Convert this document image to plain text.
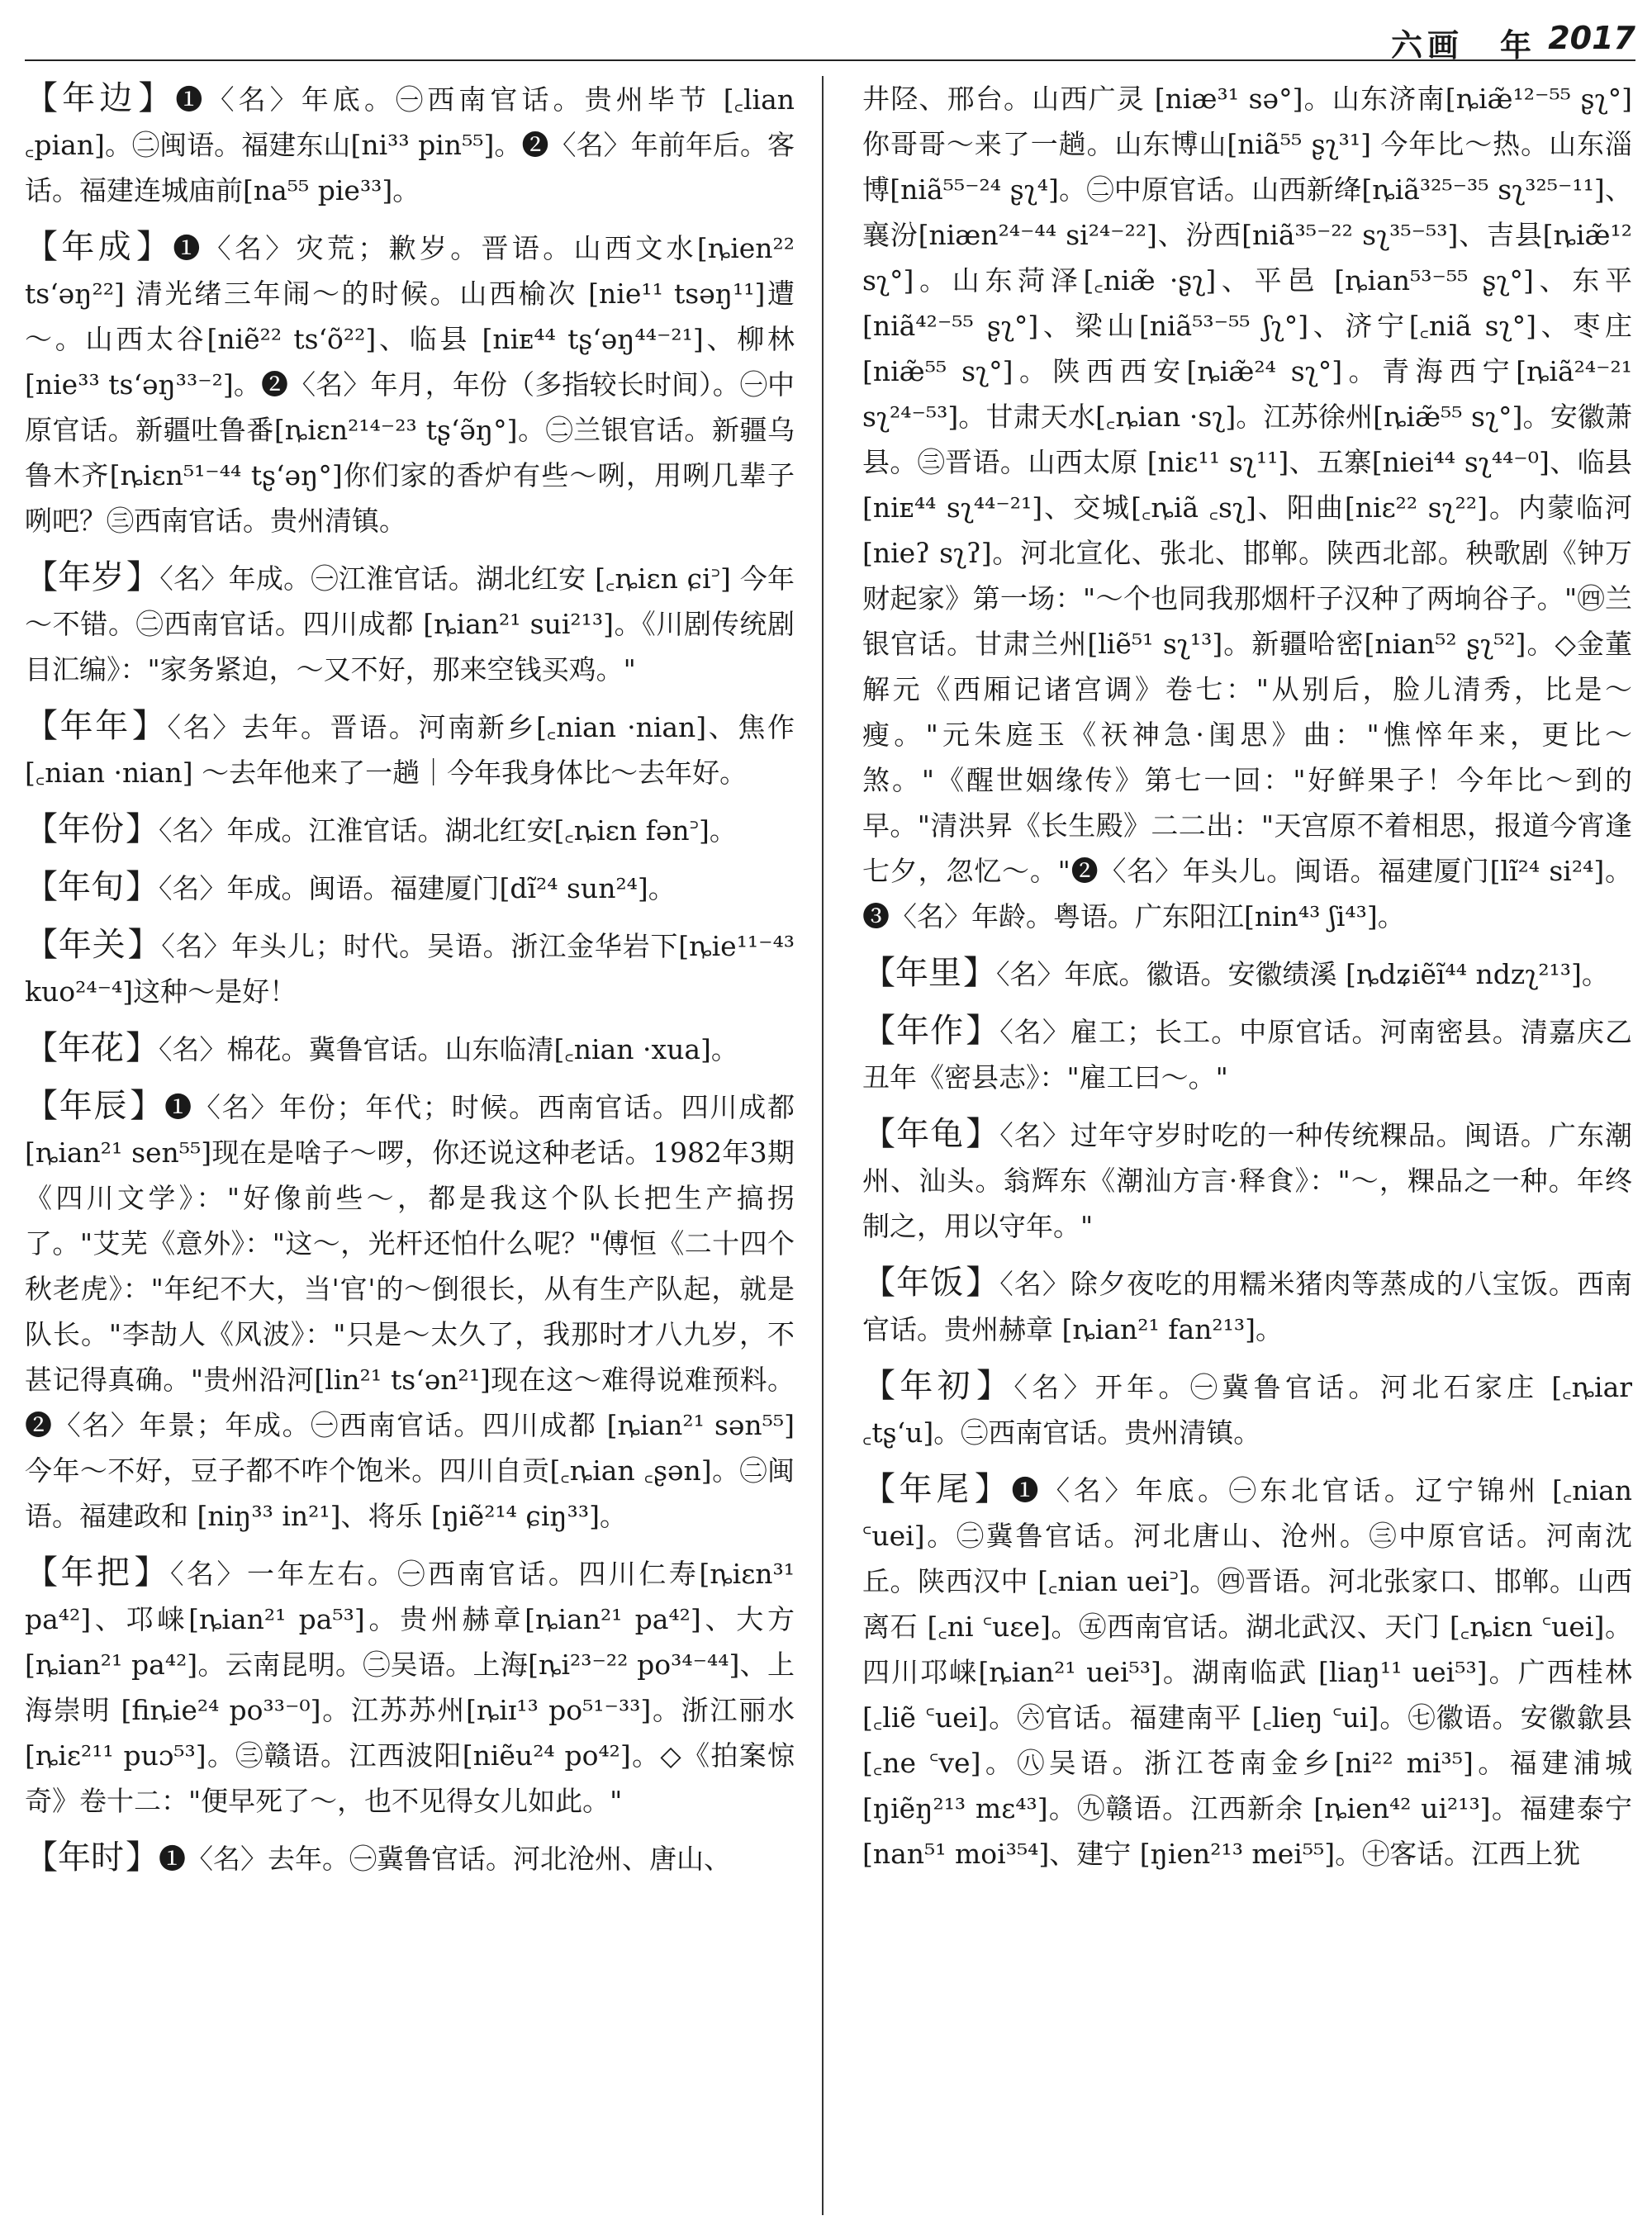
六画　 年 2017

【年边】❶〈名〉年底。㊀西南官话。贵州毕节 [꜀lian ꜀pian]。㊁闽语。福建东山[ni³³ pin⁵⁵]。❷〈名〉年前年后。客话。福建连城庙前[na⁵⁵ pie³³]。

【年成】❶〈名〉灾荒；歉岁。晋语。山西文水[ȵien²² tsʻəŋ²²] 清光绪三年闹～的时候。山西榆次 [nie¹¹ tsəŋ¹¹]遭～。山西太谷[niẽ²² tsʻõ²²]、临县 [niᴇ⁴⁴ tʂʻəŋ⁴⁴⁻²¹]、柳林[nie³³ tsʻəŋ³³⁻²]。❷〈名〉年月，年份（多指较长时间）。㊀中原官话。新疆吐鲁番[ȵiɛn²¹⁴⁻²³ tʂʻə̃ŋ°]。㊁兰银官话。新疆乌鲁木齐[ȵiɛn⁵¹⁻⁴⁴ tʂʻəŋ°]你们家的香炉有些～咧，用咧几辈子咧吧？㊂西南官话。贵州清镇。

【年岁】〈名〉年成。㊀江淮官话。湖北红安 [꜀ȵiɛn ɕi꜄] 今年～不错。㊁西南官话。四川成都 [ȵian²¹ sui²¹³]。《川剧传统剧目汇编》："家务紧迫，～又不好，那来空钱买鸡。"

【年年】〈名〉去年。晋语。河南新乡[꜀nian ·nian]、焦作[꜀nian ·nian] ～去年他来了一趟｜今年我身体比～去年好。

【年份】〈名〉年成。江淮官话。湖北红安[꜀ȵiɛn fən꜄]。

【年旬】〈名〉年成。闽语。福建厦门[dĩ²⁴ sun²⁴]。

【年关】〈名〉年头儿；时代。吴语。浙江金华岩下[ȵie¹¹⁻⁴³ kuo²⁴⁻⁴]这种～是好！

【年花】〈名〉棉花。冀鲁官话。山东临清[꜀nian ·xua]。

【年辰】❶〈名〉年份；年代；时候。西南官话。四川成都[ȵian²¹ sen⁵⁵]现在是啥子～啰，你还说这种老话。1982年3期《四川文学》："好像前些～，都是我这个队长把生产搞拐了。"艾芜《意外》："这～，光杆还怕什么呢？"傅恒《二十四个秋老虎》："年纪不大，当'官'的～倒很长，从有生产队起，就是队长。"李劼人《风波》："只是～太久了，我那时才八九岁，不甚记得真确。"贵州沿河[lin²¹ tsʻən²¹]现在这～难得说难预料。❷〈名〉年景；年成。㊀西南官话。四川成都 [ȵian²¹ sən⁵⁵] 今年～不好，豆子都不咋个饱米。四川自贡[꜀ȵian ꜀ʂən]。㊁闽语。福建政和 [niŋ³³ in²¹]、将乐 [ŋiẽ²¹⁴ ɕiŋ³³]。

【年把】〈名〉一年左右。㊀西南官话。四川仁寿[ȵiɛn³¹ pa⁴²]、邛崃[ȵian²¹ pa⁵³]。贵州赫章[ȵian²¹ pa⁴²]、大方[ȵian²¹ pa⁴²]。云南昆明。㊁吴语。上海[ȵi²³⁻²² po³⁴⁻⁴⁴]、上海崇明 [fiȵie²⁴ po³³⁻⁰]。江苏苏州[ȵiɪ¹³ po⁵¹⁻³³]。浙江丽水[ȵiɛ²¹¹ puɔ⁵³]。㊂赣语。江西波阳[niẽu²⁴ po⁴²]。◇《拍案惊奇》卷十二："便早死了～，也不见得女儿如此。"

【年时】❶〈名〉去年。㊀冀鲁官话。河北沧州、唐山、

井陉、邢台。山西广灵 [niæ³¹ sə°]。山东济南[ȵiæ̃¹²⁻⁵⁵ ʂʅ°]你哥哥～来了一趟。山东博山[niã⁵⁵ ʂʅ³¹] 今年比～热。山东淄博[niã⁵⁵⁻²⁴ ʂʅ⁴]。㊁中原官话。山西新绛[ȵiã³²⁵⁻³⁵ sʅ³²⁵⁻¹¹]、襄汾[niæn²⁴⁻⁴⁴ si²⁴⁻²²]、汾西[niã³⁵⁻²² sʅ³⁵⁻⁵³]、吉县[ȵiæ̃¹² sʅ°]。山东菏泽[꜀niæ̃ ·ʂʅ]、平邑 [ȵian⁵³⁻⁵⁵ ʂʅ°]、东平[niã⁴²⁻⁵⁵ ʂʅ°]、梁山[niã⁵³⁻⁵⁵ ʃʅ°]、济宁[꜀niã sʅ°]、枣庄[niæ̃⁵⁵ sʅ°]。陕西西安[ȵiæ̃²⁴ sʅ°]。青海西宁[ȵiã²⁴⁻²¹ sʅ²⁴⁻⁵³]。甘肃天水[꜀ȵian ·sʅ]。江苏徐州[ȵiæ̃⁵⁵ sʅ°]。安徽萧县。㊂晋语。山西太原 [niɛ¹¹ sʅ¹¹]、五寨[niei⁴⁴ sʅ⁴⁴⁻⁰]、临县[niᴇ⁴⁴ sʅ⁴⁴⁻²¹]、交城[꜀ȵiã ꜀sʅ]、阳曲[niɛ²² sʅ²²]。内蒙临河[nieʔ sʅʔ]。河北宣化、张北、邯郸。陕西北部。秧歌剧《钟万财起家》第一场："～个也同我那烟杆子汉种了两垧谷子。"㊃兰银官话。甘肃兰州[liẽ⁵¹ sʅ¹³]。新疆哈密[nian⁵² ʂʅ⁵²]。◇金董解元《西厢记诸宫调》卷七："从别后，脸儿清秀，比是～瘦。"元朱庭玉《祆神急·闺思》曲："憔悴年来，更比～煞。"《醒世姻缘传》第七一回："好鲜果子！今年比～到的早。"清洪昇《长生殿》二二出："天宫原不着相思，报道今宵逢七夕，忽忆～。"❷〈名〉年头儿。闽语。福建厦门[lĩ²⁴ si²⁴]。❸〈名〉年龄。粤语。广东阳江[nin⁴³ ʃi⁴³]。

【年里】〈名〉年底。徽语。安徽绩溪 [ȵdʑiẽĩ⁴⁴ ndzʅ²¹³]。

【年作】〈名〉雇工；长工。中原官话。河南密县。清嘉庆乙丑年《密县志》："雇工曰～。"

【年龟】〈名〉过年守岁时吃的一种传统粿品。闽语。广东潮州、汕头。翁辉东《潮汕方言·释食》："～，粿品之一种。年终制之，用以守年。"

【年饭】〈名〉除夕夜吃的用糯米猪肉等蒸成的八宝饭。西南官话。贵州赫章 [ȵian²¹ fan²¹³]。

【年初】〈名〉开年。㊀冀鲁官话。河北石家庄 [꜀ȵiar ꜀tʂʻu]。㊁西南官话。贵州清镇。

【年尾】❶〈名〉年底。㊀东北官话。辽宁锦州 [꜀nian ꜂uei]。㊁冀鲁官话。河北唐山、沧州。㊂中原官话。河南沈丘。陕西汉中 [꜀nian uei꜄]。㊃晋语。河北张家口、邯郸。山西离石 [꜀ni ꜂uɛe]。㊄西南官话。湖北武汉、天门 [꜀ȵiɛn ꜂uei]。四川邛崃[ȵian²¹ uei⁵³]。湖南临武 [liaŋ¹¹ uei⁵³]。广西桂林 [꜀liẽ ꜂uei]。㊅官话。福建南平 [꜀lieŋ ꜂ui]。㊆徽语。安徽歙县 [꜀ne ꜂ve]。㊇吴语。浙江苍南金乡[ni²² mi³⁵]。福建浦城[ŋiẽŋ²¹³ mɛ⁴³]。㊈赣语。江西新余 [ȵien⁴² ui²¹³]。福建泰宁 [nan⁵¹ moi³⁵⁴]、建宁 [ŋien²¹³ mei⁵⁵]。㊉客话。江西上犹
